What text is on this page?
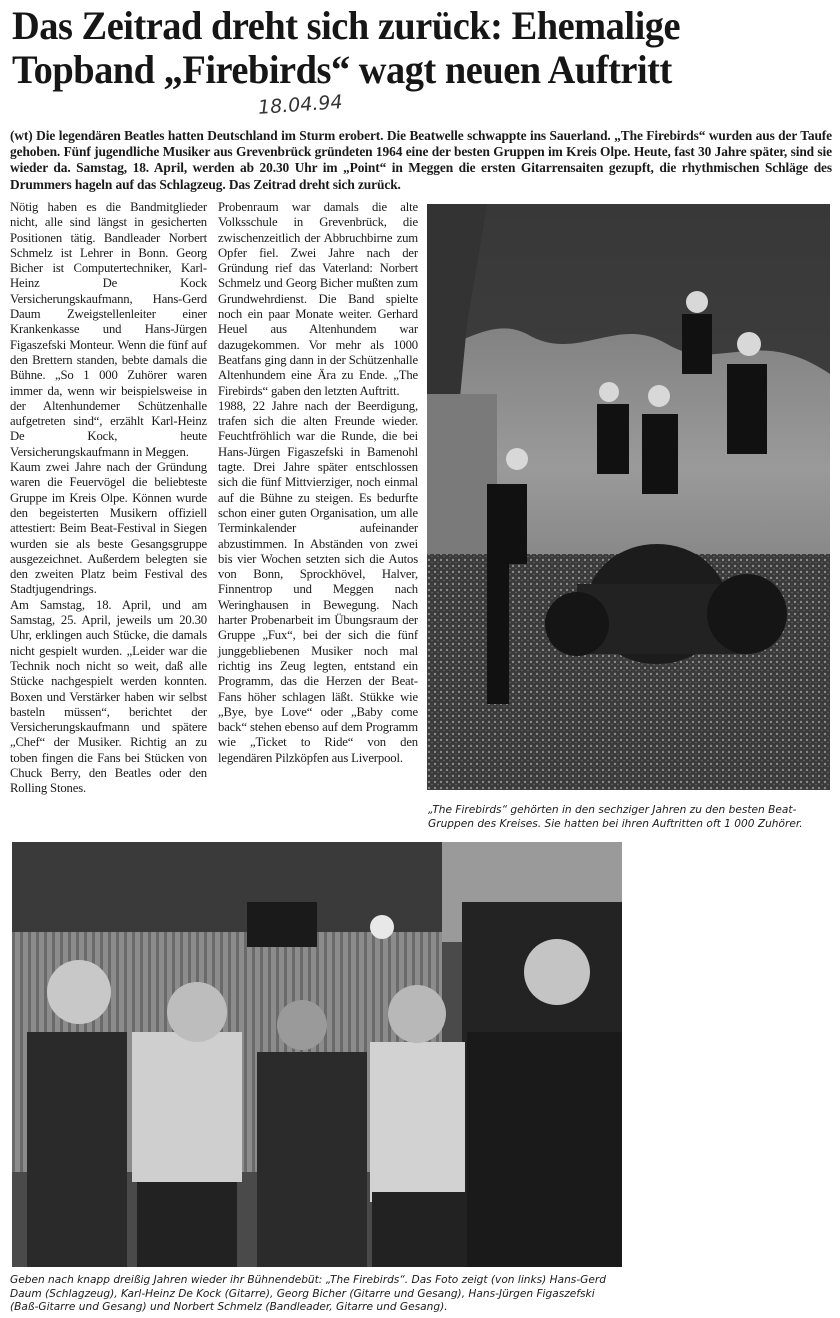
Das Zeitrad dreht sich zurück: Ehemalige
Topband „Firebirds“ wagt neuen Auftritt
18.04.94

(wt) Die legendären Beatles hatten Deutschland im Sturm erobert. Die Beatwelle schwappte ins Sauerland. „The Firebirds“ wurden aus der Taufe gehoben. Fünf jugendliche Musiker aus Grevenbrück gründeten 1964 eine der besten Gruppen im Kreis Olpe. Heute, fast 30 Jahre später, sind sie wieder da. Samstag, 18. April, werden ab 20.30 Uhr im „Point“ in Meggen die ersten Gitarrensaiten gezupft, die rhythmischen Schläge des Drummers hageln auf das Schlagzeug. Das Zeitrad dreht sich zurück.

Nötig haben es die Bandmitglieder nicht, alle sind längst in gesicherten Positionen tätig. Bandleader Norbert Schmelz ist Lehrer in Bonn. Georg Bicher ist Computertechniker, Karl-Heinz De Kock Versicherungskaufmann, Hans-Gerd Daum Zweigstellenleiter einer Krankenkasse und Hans-Jürgen Figaszefski Monteur. Wenn die fünf auf den Brettern standen, bebte damals die Bühne. „So 1 000 Zuhörer waren immer da, wenn wir beispielsweise in der Altenhundemer Schützenhalle aufgetreten sind“, erzählt Karl-Heinz De Kock, heute Versicherungskaufmann in Meggen.

Kaum zwei Jahre nach der Gründung waren die Feuervögel die beliebteste Gruppe im Kreis Olpe. Können wurde den begeisterten Musikern offiziell attestiert: Beim Beat-Festival in Siegen wurden sie als beste Gesangsgruppe ausgezeichnet. Außerdem belegten sie den zweiten Platz beim Festival des Stadtjugendrings.

Am Samstag, 18. April, und am Samstag, 25. April, jeweils um 20.30 Uhr, erklingen auch Stücke, die damals nicht gespielt wurden. „Leider war die Technik noch nicht so weit, daß alle Stücke nachgespielt werden konnten. Boxen und Verstärker haben wir selbst basteln müssen“, berichtet der Versicherungskaufmann und spätere „Chef“ der Musiker. Richtig an zu toben fingen die Fans bei Stücken von Chuck Berry, den Beatles oder den Rolling Stones.

Probenraum war damals die alte Volksschule in Grevenbrück, die zwischenzeitlich der Abbruchbirne zum Opfer fiel. Zwei Jahre nach der Gründung rief das Vaterland: Norbert Schmelz und Georg Bicher mußten zum Grundwehrdienst. Die Band spielte noch ein paar Monate weiter. Gerhard Heuel aus Altenhundem war dazugekommen. Vor mehr als 1000 Beatfans ging dann in der Schützenhalle Altenhundem eine Ära zu Ende. „The Firebirds“ gaben den letzten Auftritt.

1988, 22 Jahre nach der Beerdigung, trafen sich die alten Freunde wieder. Feuchtfröhlich war die Runde, die bei Hans-Jürgen Figaszefski in Bamenohl tagte. Drei Jahre später entschlossen sich die fünf Mittvierziger, noch einmal auf die Bühne zu steigen. Es bedurfte schon einer guten Organisation, um alle Terminkalender aufeinander abzustimmen. In Abständen von zwei bis vier Wochen setzten sich die Autos von Bonn, Sprockhövel, Halver, Finnentrop und Meggen nach Weringhausen in Bewegung. Nach harter Probenarbeit im Übungsraum der Gruppe „Fux“, bei der sich die fünf junggebliebenen Musiker noch mal richtig ins Zeug legten, entstand ein Programm, das die Herzen der Beat-Fans höher schlagen läßt. Stükke wie „Bye, bye Love“ oder „Baby come back“ stehen ebenso auf dem Programm wie „Ticket to Ride“ von den legendären Pilzköpfen aus Liverpool.

„The Firebirds“ gehörten in den sechziger Jahren zu den besten Beat-Gruppen des Kreises. Sie hatten bei ihren Auftritten oft 1 000 Zuhörer.

Geben nach knapp dreißig Jahren wieder ihr Bühnendebüt: „The Firebirds“. Das Foto zeigt (von links) Hans-Gerd Daum (Schlagzeug), Karl-Heinz De Kock (Gitarre), Georg Bicher (Gitarre und Gesang), Hans-Jürgen Figaszefski (Baß-Gitarre und Gesang) und Norbert Schmelz (Bandleader, Gitarre und Gesang).
